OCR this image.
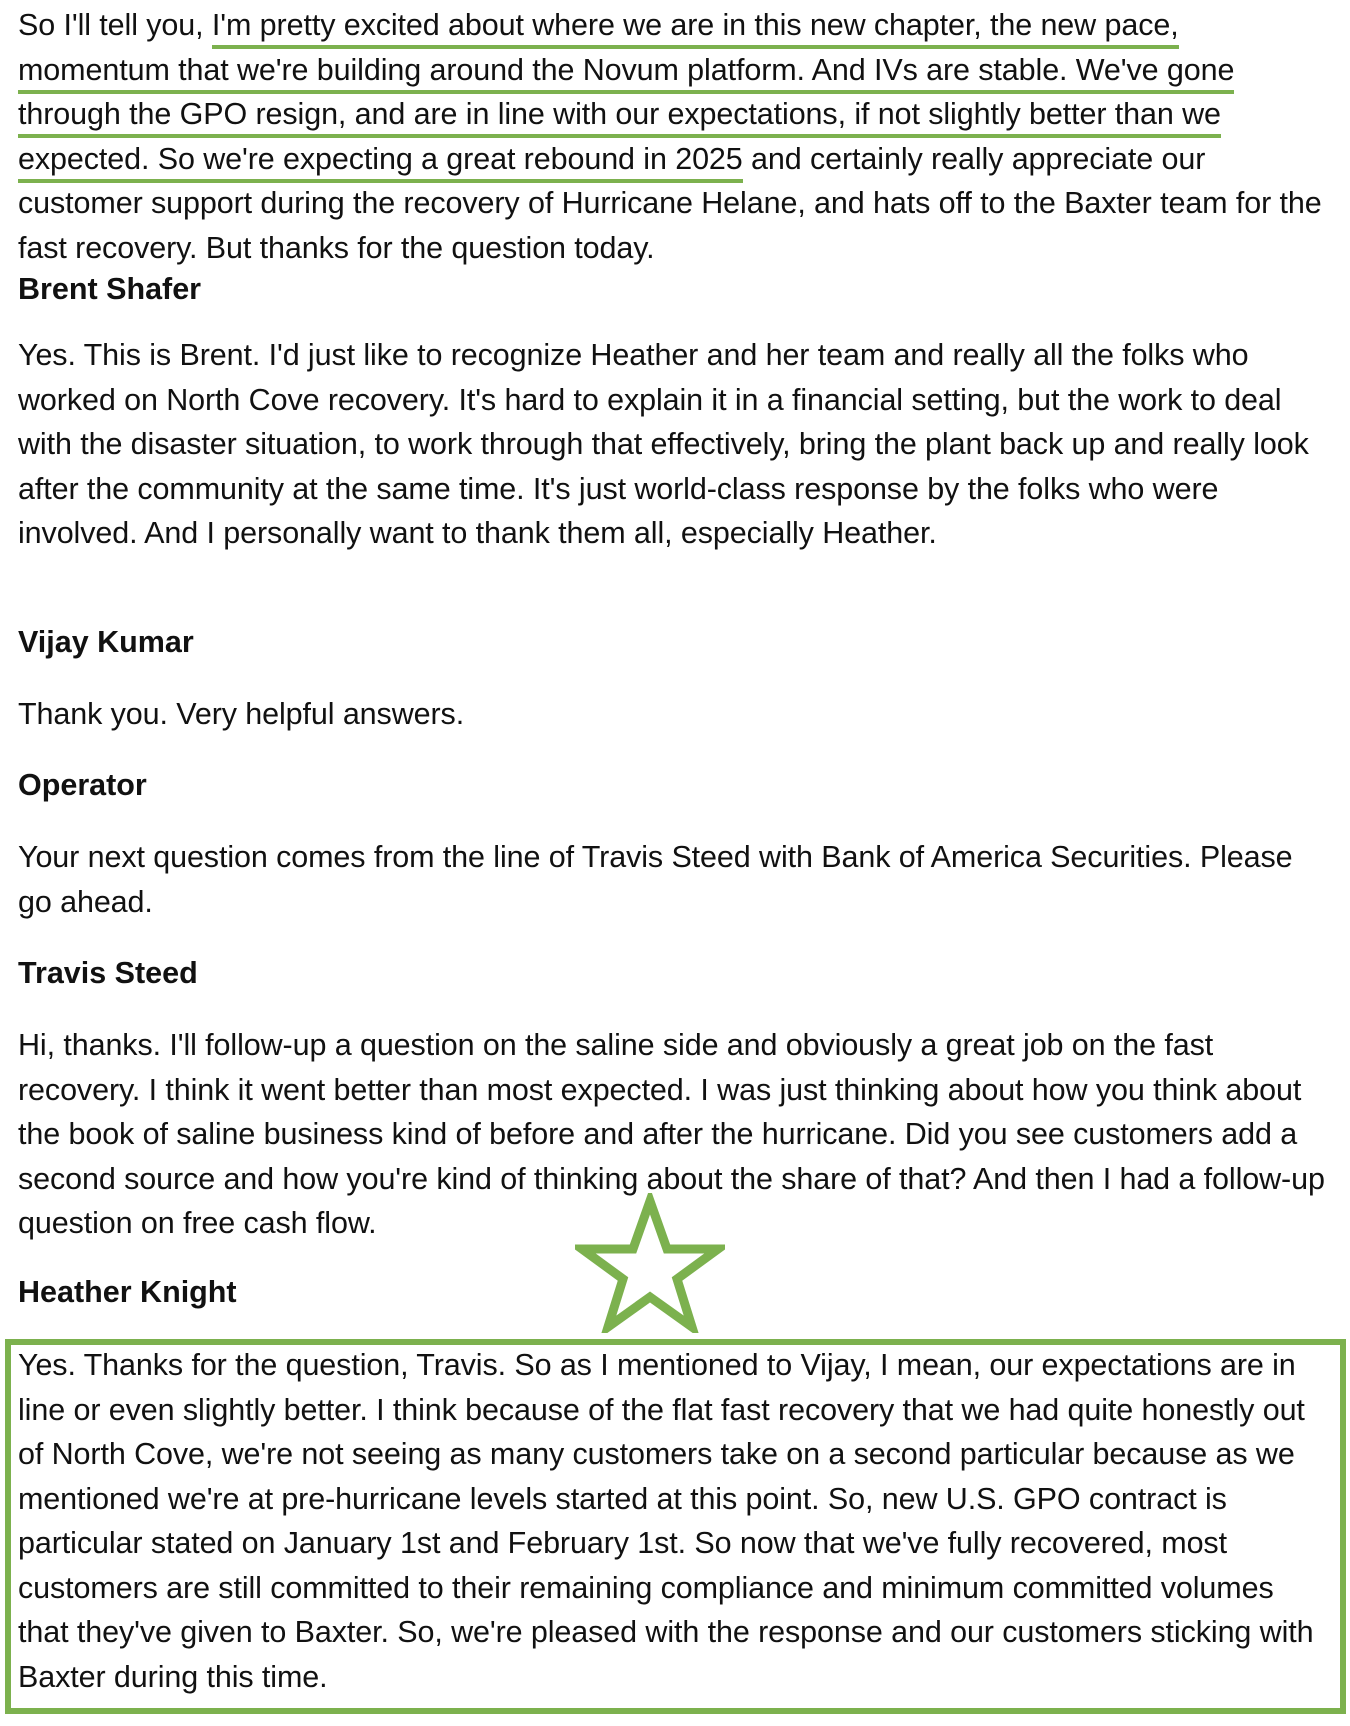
So I'll tell you, I'm pretty excited about where we are in this new chapter, the new pace,
momentum that we're building around the Novum platform. And IVs are stable. We've gone
through the GPO resign, and are in line with our expectations, if not slightly better than we
expected. So we're expecting a great rebound in 2025 and certainly really appreciate our
customer support during the recovery of Hurricane Helane, and hats off to the Baxter team for the
fast recovery. But thanks for the question today.
Brent Shafer
Yes. This is Brent. I'd just like to recognize Heather and her team and really all the folks who
worked on North Cove recovery. It's hard to explain it in a financial setting, but the work to deal
with the disaster situation, to work through that effectively, bring the plant back up and really look
after the community at the same time. It's just world-class response by the folks who were
involved. And I personally want to thank them all, especially Heather.
Vijay Kumar
Thank you. Very helpful answers.
Operator
Your next question comes from the line of Travis Steed with Bank of America Securities. Please
go ahead.
Travis Steed
Hi, thanks. I'll follow-up a question on the saline side and obviously a great job on the fast
recovery. I think it went better than most expected. I was just thinking about how you think about
the book of saline business kind of before and after the hurricane. Did you see customers add a
second source and how you're kind of thinking about the share of that? And then I had a follow-up
question on free cash flow.
Heather Knight
Yes. Thanks for the question, Travis. So as I mentioned to Vijay, I mean, our expectations are in
line or even slightly better. I think because of the flat fast recovery that we had quite honestly out
of North Cove, we're not seeing as many customers take on a second particular because as we
mentioned we're at pre-hurricane levels started at this point. So, new U.S. GPO contract is
particular stated on January 1st and February 1st. So now that we've fully recovered, most
customers are still committed to their remaining compliance and minimum committed volumes
that they've given to Baxter. So, we're pleased with the response and our customers sticking with
Baxter during this time.
